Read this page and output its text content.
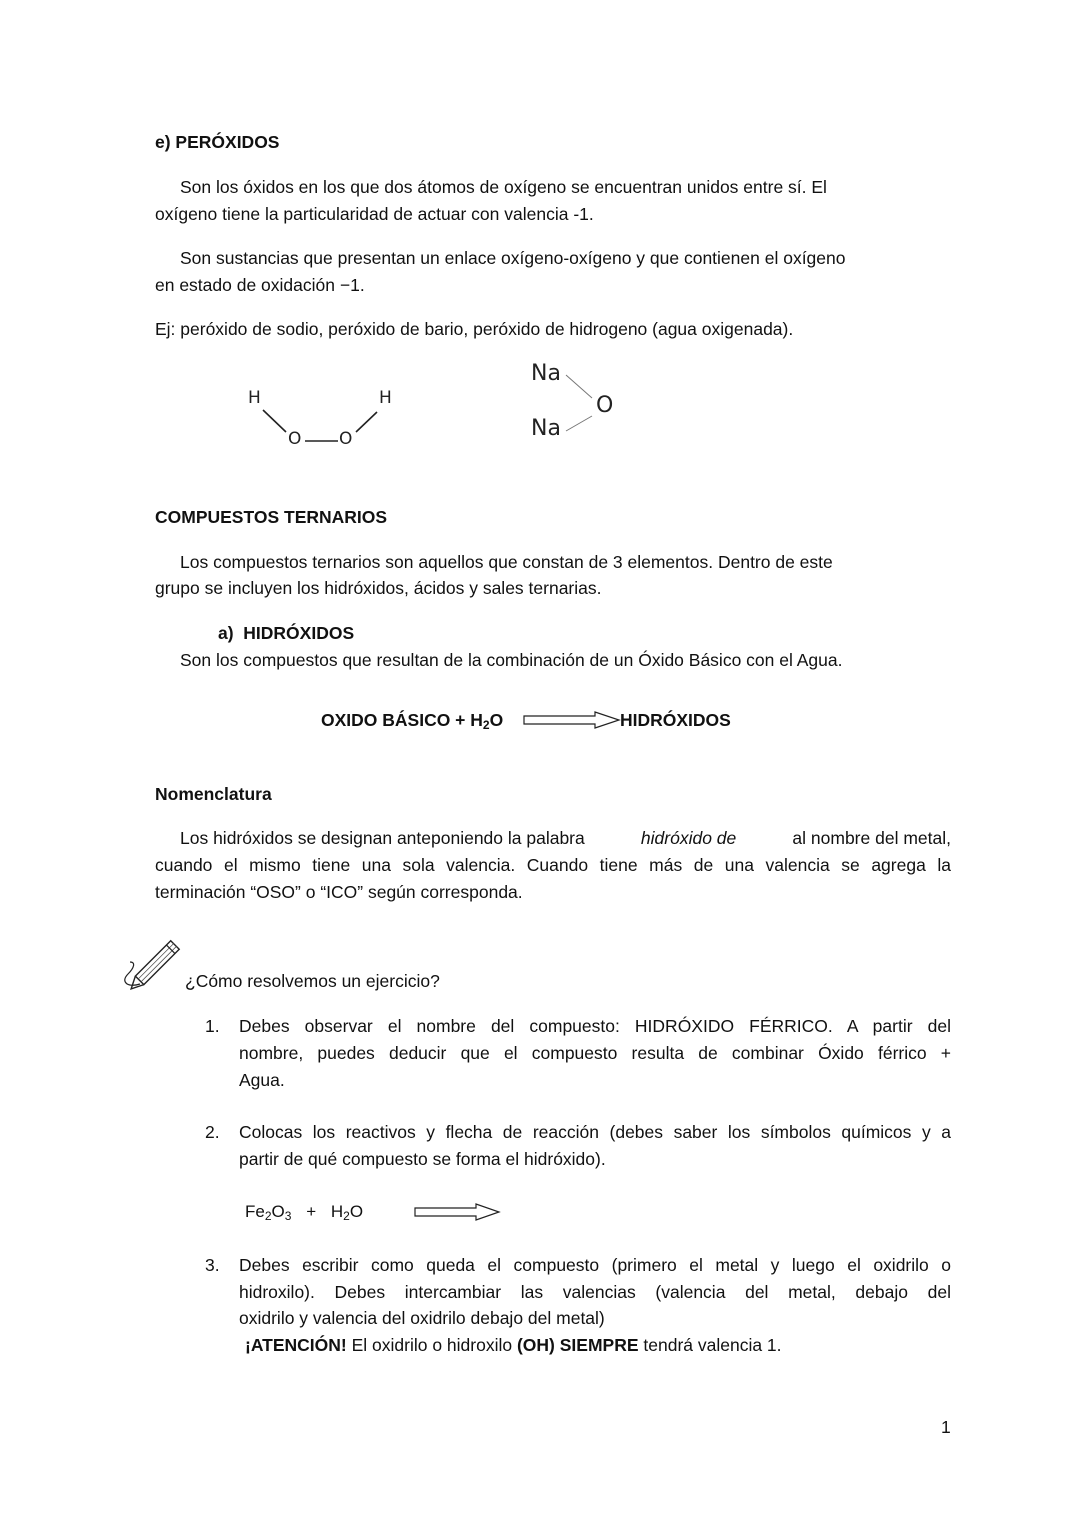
e) PERÓXIDOS
Son los óxidos en los que dos átomos de oxígeno se encuentran unidos entre sí. El
oxígeno tiene la particularidad de actuar con valencia -1.
Son sustancias que presentan un enlace oxígeno-oxígeno y que contienen el oxígeno
en estado de oxidación −1.
Ej: peróxido de sodio, peróxido de bario, peróxido de hidrogeno (agua oxigenada).
H	H
O O
Na
Na
O
COMPUESTOS TERNARIOS
Los compuestos ternarios son aquellos que constan de 3 elementos. Dentro de este
grupo se incluyen los hidróxidos, ácidos y sales ternarias.
a)  HIDRÓXIDOS
Son los compuestos que resultan de la combinación de un Óxido Básico con el Agua.
OXIDO BÁSICO + $H_2O$	HIDRÓXIDOS
Nomenclatura
Los hidróxidos se designan anteponiendo la palabra	hidróxido de	al nombre del metal,
cuando el mismo tiene una sola valencia. Cuando tiene más de una valencia se agrega la
terminación “OSO” o “ICO” según corresponda.
¿Cómo resolvemos un ejercicio?
1. Debes observar el nombre del compuesto: HIDRÓXIDO FÉRRICO. A partir del
nombre, puedes deducir que el compuesto resulta de combinar Óxido férrico +
Agua.
2. Colocas los reactivos y flecha de reacción (debes saber los símbolos químicos y a
partir de qué compuesto se forma el hidróxido).
$Fe_2O_3 + H_2O$
3. Debes escribir como queda el compuesto (primero el metal y luego el oxidrilo o
hidroxilo). Debes intercambiar las valencias (valencia del metal, debajo del
oxidrilo y valencia del oxidrilo debajo del metal)
¡ATENCIÓN! El oxidrilo o hidroxilo (OH) SIEMPRE tendrá valencia 1.
1
